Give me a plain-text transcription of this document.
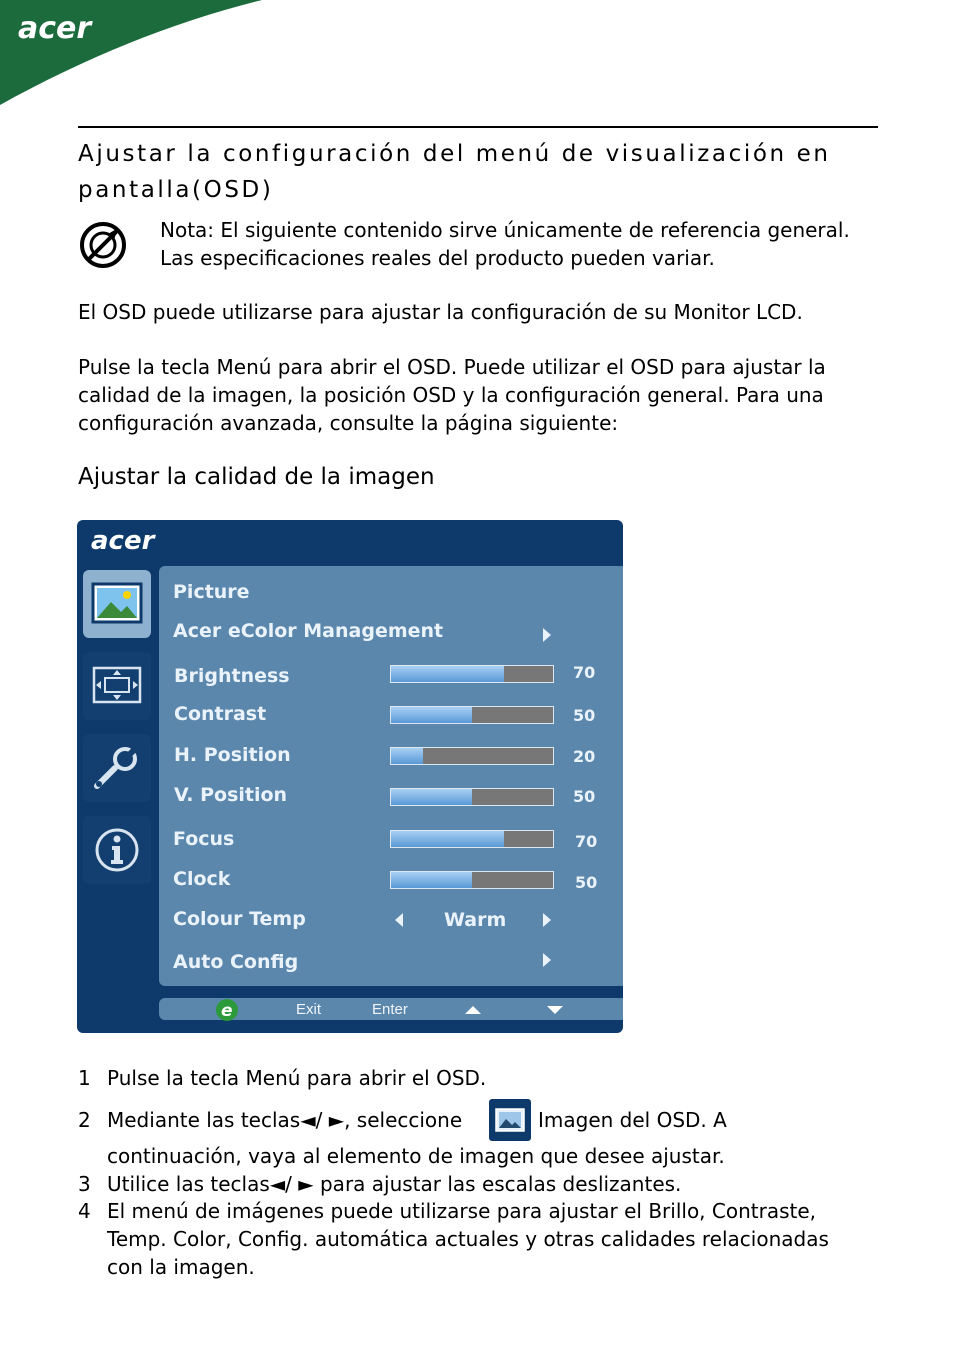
acer
Ajustar la configuración del menú de visualización en pantalla(OSD)
Nota: El siguiente contenido sirve únicamente de referencia general. Las especificaciones reales del producto pueden variar.
El OSD puede utilizarse para ajustar la configuración de su Monitor LCD.
Pulse la tecla Menú para abrir el OSD. Puede utilizar el OSD para ajustar la calidad de la imagen, la posición OSD y la configuración general. Para una configuración avanzada, consulte la página siguiente:
Ajustar la calidad de la imagen
acer
Picture
Acer eColor Management
Brightness	70
Contrast	50
H. Position	20
V. Position	50
Focus	70
Clock	50
Colour Temp	Warm
Auto Config
e	Exit	Enter
1 Pulse la tecla Menú para abrir el OSD.
2 Mediante las teclas◄/ ►, seleccione	Imagen del OSD. A
continuación, vaya al elemento de imagen que desee ajustar.
3 Utilice las teclas◄/ ► para ajustar las escalas deslizantes.
4 El menú de imágenes puede utilizarse para ajustar el Brillo, Contraste, Temp. Color, Config. automática actuales y otras calidades relacionadas con la imagen.
